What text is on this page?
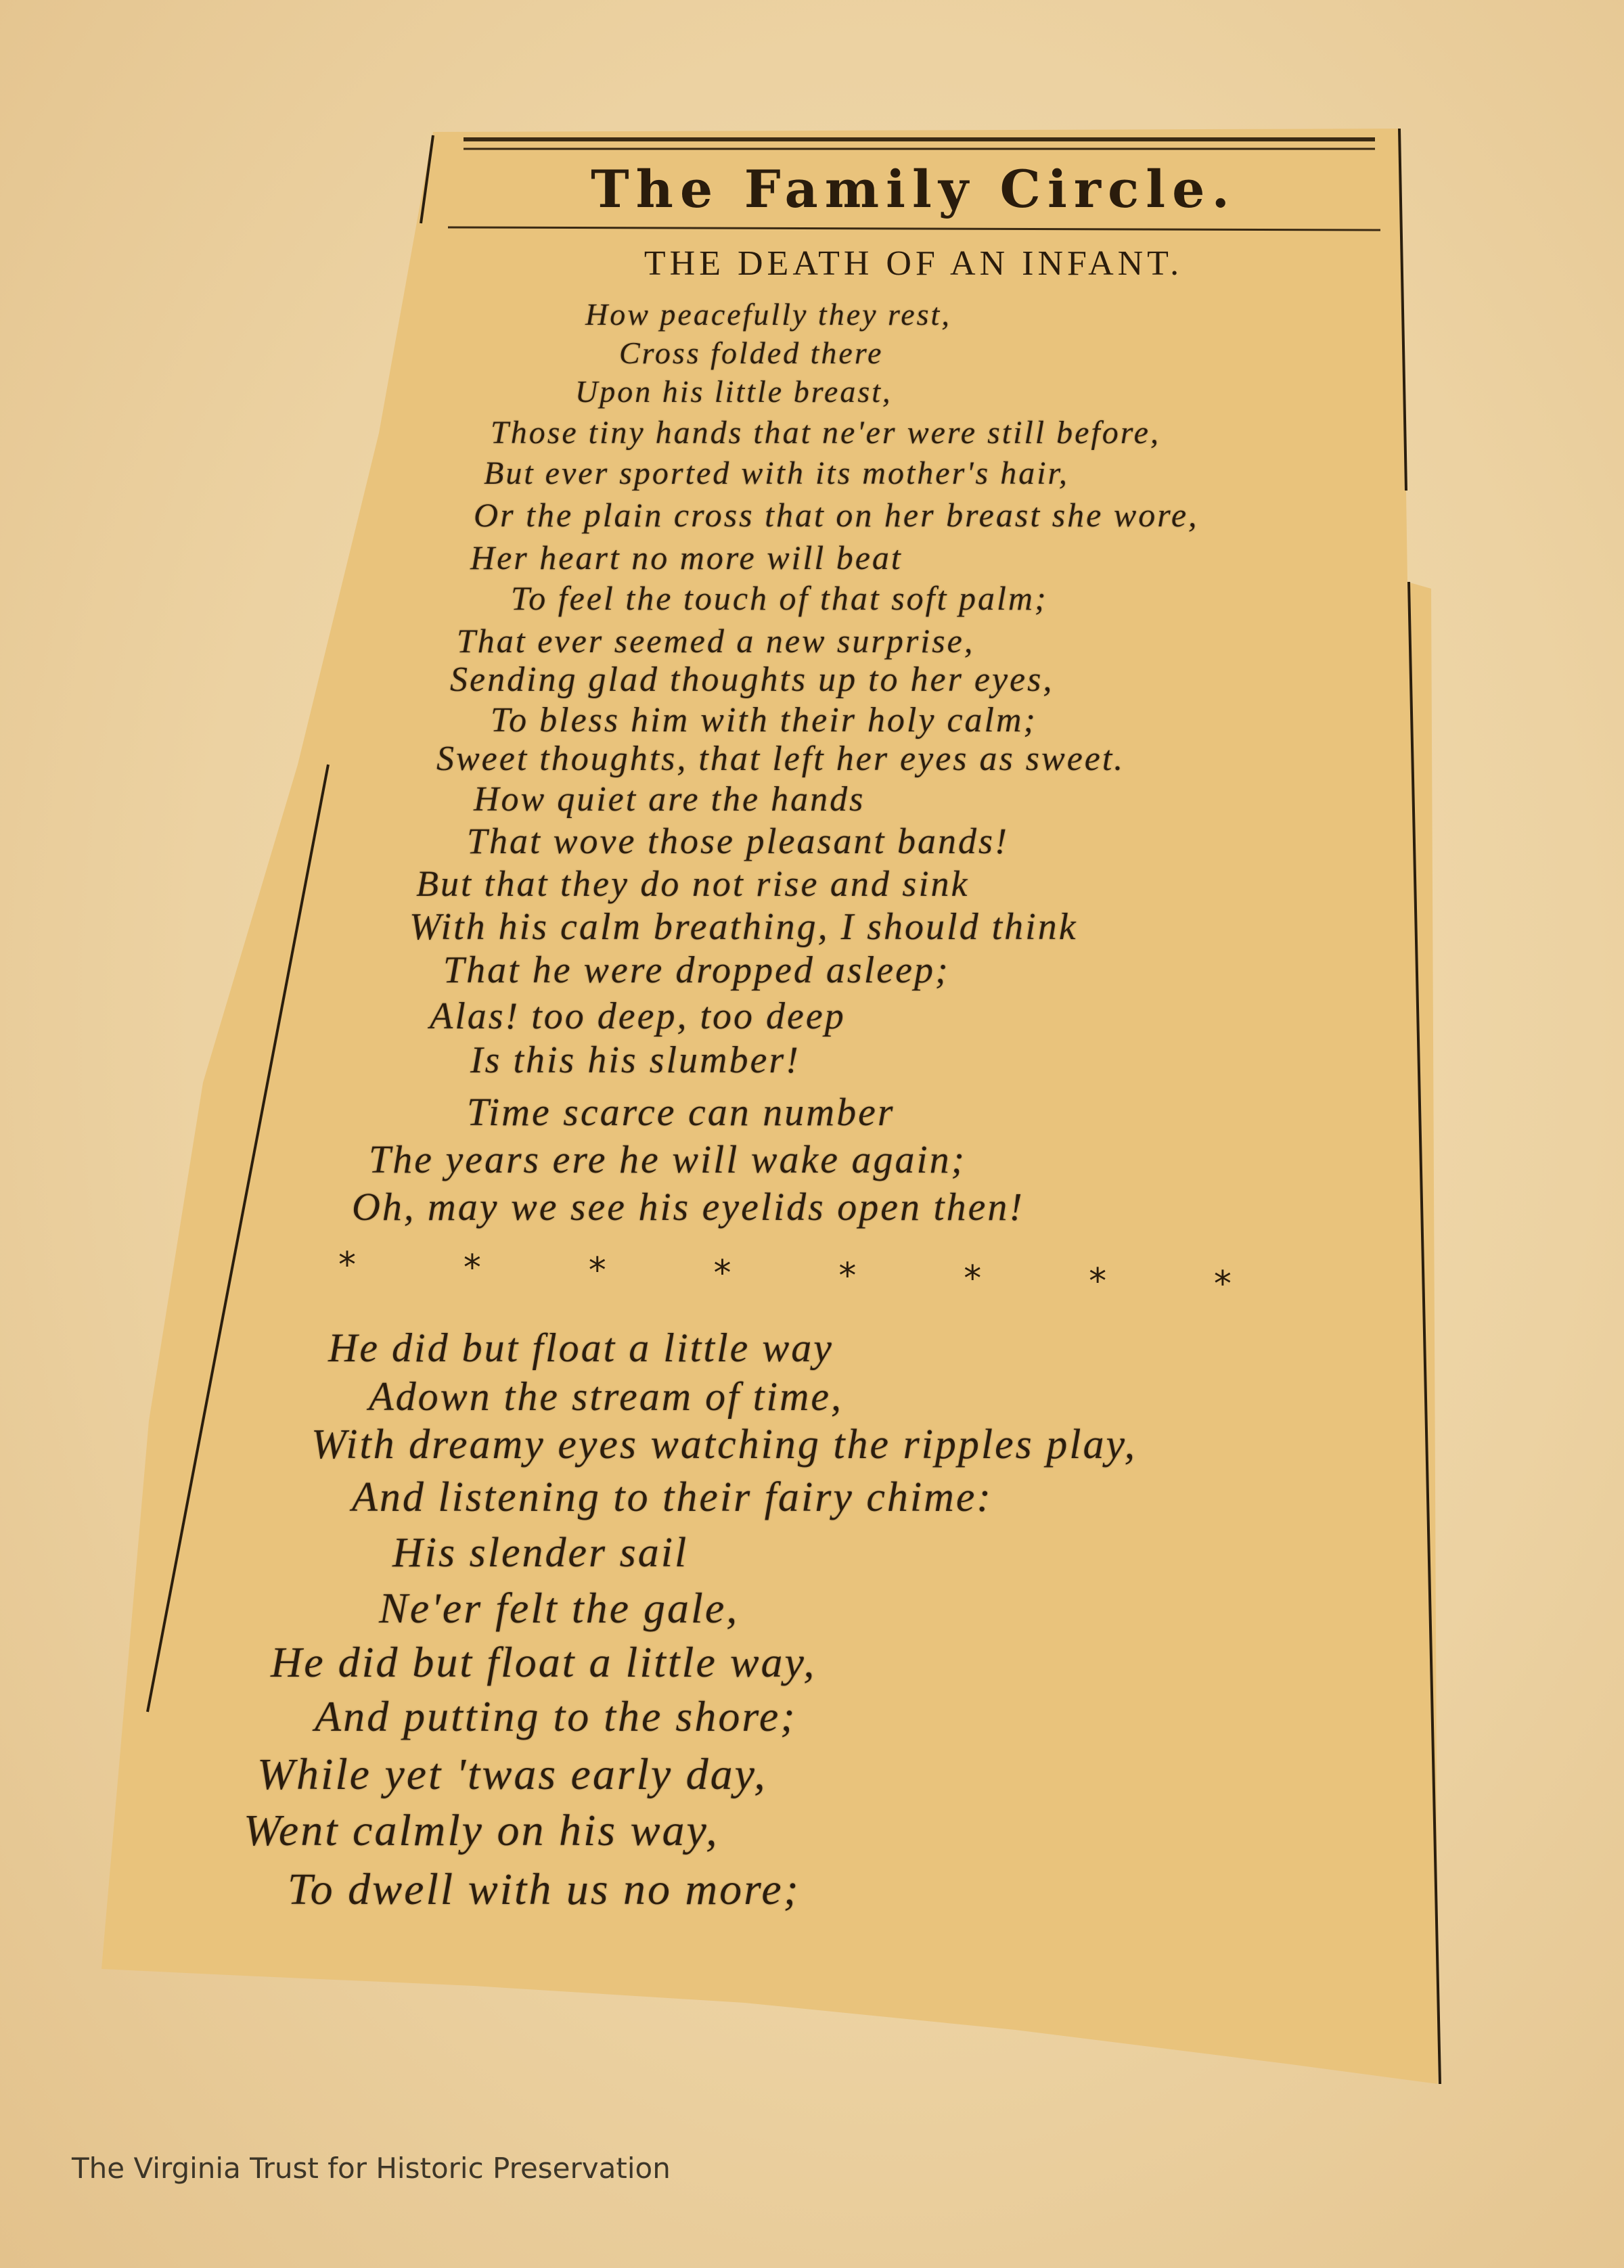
The Family Circle.
THE DEATH OF AN INFANT.
How peacefully they rest,
Cross folded there
Upon his little breast,
Those tiny hands that ne'er were still before,
But ever sported with its mother's hair,
Or the plain cross that on her breast she wore,
Her heart no more will beat
To feel the touch of that soft palm;
That ever seemed a new surprise,
Sending glad thoughts up to her eyes,
To bless him with their holy calm;
Sweet thoughts, that left her eyes as sweet.
How quiet are the hands
That wove those pleasant bands!
But that they do not rise and sink
With his calm breathing, I should think
That he were dropped asleep;
Alas! too deep, too deep
Is this his slumber!
Time scarce can number
The years ere he will wake again;
Oh, may we see his eyelids open then!
He did but float a little way
Adown the stream of time,
With dreamy eyes watching the ripples play,
And listening to their fairy chime:
His slender sail
Ne'er felt the gale,
He did but float a little way,
And putting to the shore;
While yet 'twas early day,
Went calmly on his way,
To dwell with us no more;
*	*	*	*	*	*	*	*
The Virginia Trust for Historic Preservation
